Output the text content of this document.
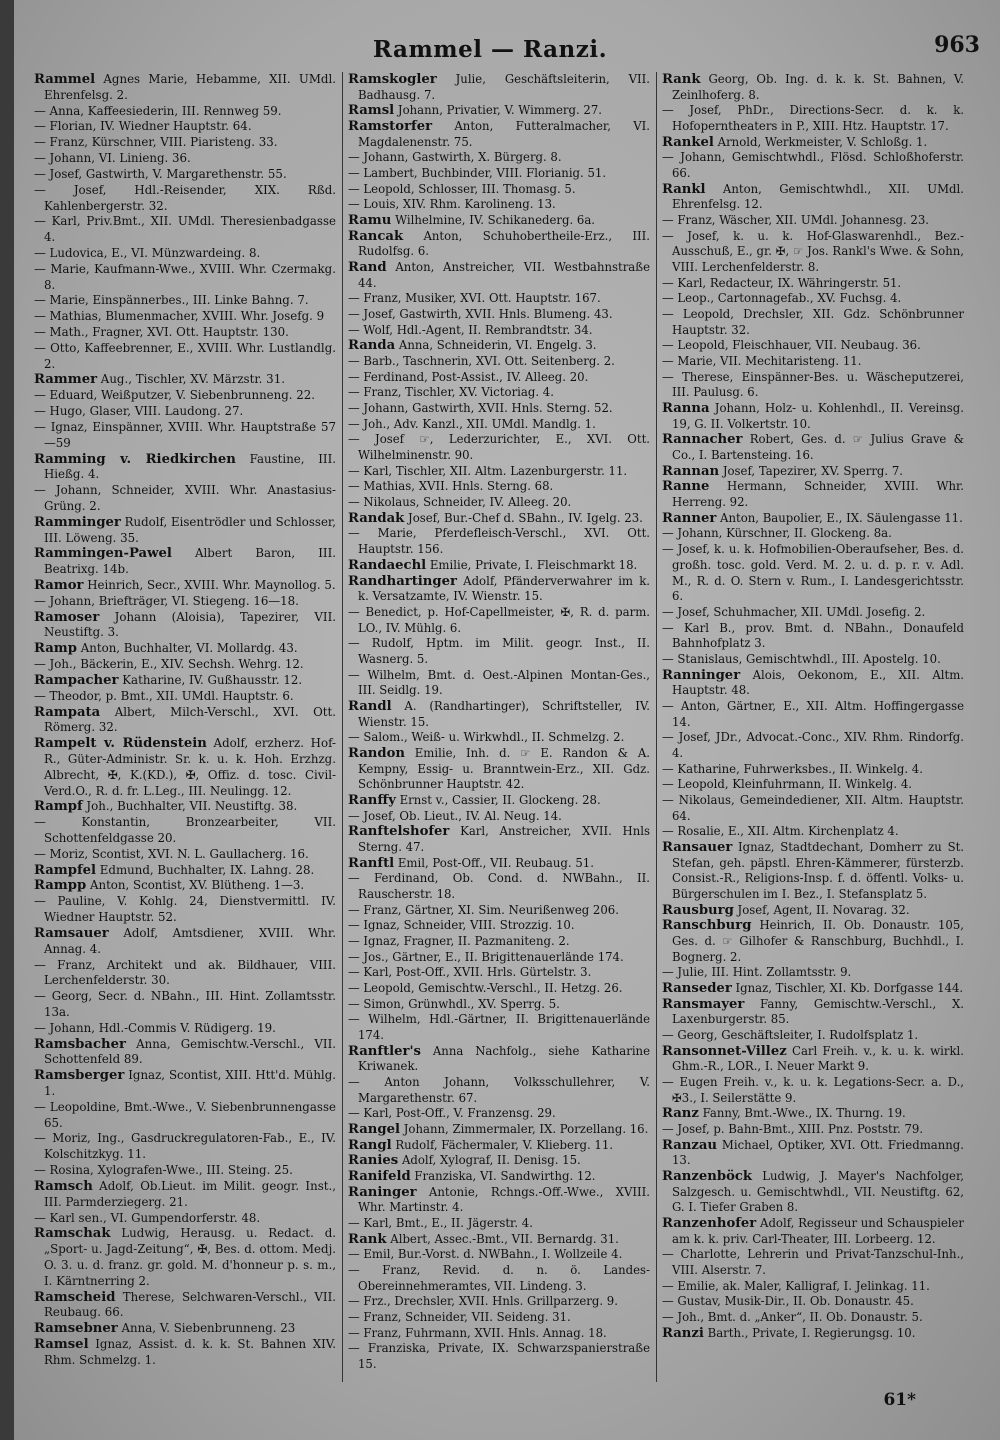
Rammel — Ranzi.	963
Rammel Agnes Marie, Hebamme, XII. UMdl. Ehrenfelsg. 2.
— Anna, Kaffeesiederin, III. Rennweg 59.
— Florian, IV. Wiedner Hauptstr. 64.
— Franz, Kürschner, VIII. Piaristeng. 33.
— Johann, VI. Linieng. 36.
— Josef, Gastwirth, V. Margarethenstr. 55.
— Josef, Hdl.-Reisender, XIX. Rßd. Kahlenbergerstr. 32.
— Karl, Priv.Bmt., XII. UMdl. Theresienbadgasse 4.
— Ludovica, E., VI. Münzwardeing. 8.
— Marie, Kaufmann-Wwe., XVIII. Whr. Czermakg. 8.
— Marie, Einspännerbes., III. Linke Bahng. 7.
— Mathias, Blumenmacher, XVIII. Whr. Josefg. 9
— Math., Fragner, XVI. Ott. Hauptstr. 130.
— Otto, Kaffeebrenner, E., XVIII. Whr. Lustlandlg. 2.
Rammer Aug., Tischler, XV. Märzstr. 31.
— Eduard, Weißputzer, V. Siebenbrunneng. 22.
— Hugo, Glaser, VIII. Laudong. 27.
— Ignaz, Einspänner, XVIII. Whr. Hauptstraße 57—59
Ramming v. Riedkirchen Faustine, III. Hießg. 4.
— Johann, Schneider, XVIII. Whr. Anastasius-Grüng. 2.
Ramminger Rudolf, Eisentrödler und Schlosser, III. Löweng. 35.
Rammingen-Pawel Albert Baron, III. Beatrixg. 14b.
Ramor Heinrich, Secr., XVIII. Whr. Maynollog. 5.
— Johann, Briefträger, VI. Stiegeng. 16—18.
Ramoser Johann (Aloisia), Tapezirer, VII. Neustiftg. 3.
Ramp Anton, Buchhalter, VI. Mollardg. 43.
— Joh., Bäckerin, E., XIV. Sechsh. Wehrg. 12.
Rampacher Katharine, IV. Gußhausstr. 12.
— Theodor, p. Bmt., XII. UMdl. Hauptstr. 6.
Rampata Albert, Milch-Verschl., XVI. Ott. Römerg. 32.
Rampelt v. Rüdenstein Adolf, erzherz. Hof-R., Güter-Administr. Sr. k. u. k. Hoh. Erzhzg. Albrecht, ✠, K.(KD.), ✠, Offiz. d. tosc. Civil-Verd.O., R. d. fr. L.Leg., III. Neulingg. 12.
Rampf Joh., Buchhalter, VII. Neustiftg. 38.
— Konstantin, Bronzearbeiter, VII. Schottenfeldgasse 20.
— Moriz, Scontist, XVI. N. L. Gaullacherg. 16.
Rampfel Edmund, Buchhalter, IX. Lahng. 28.
Rampp Anton, Scontist, XV. Blütheng. 1—3.
— Pauline, V. Kohlg. 24, Dienstvermittl. IV. Wiedner Hauptstr. 52.
Ramsauer Adolf, Amtsdiener, XVIII. Whr. Annag. 4.
— Franz, Architekt und ak. Bildhauer, VIII. Lerchenfelderstr. 30.
— Georg, Secr. d. NBahn., III. Hint. Zollamtsstr. 13a.
— Johann, Hdl.-Commis V. Rüdigerg. 19.
Ramsbacher Anna, Gemischtw.-Verschl., VII. Schottenfeld 89.
Ramsberger Ignaz, Scontist, XIII. Htt'd. Mühlg. 1.
— Leopoldine, Bmt.-Wwe., V. Siebenbrunnengasse 65.
— Moriz, Ing., Gasdruckregulatoren-Fab., E., IV. Kolschitzkyg. 11.
— Rosina, Xylografen-Wwe., III. Steing. 25.
Ramsch Adolf, Ob.Lieut. im Milit. geogr. Inst., III. Parmderziegerg. 21.
— Karl sen., VI. Gumpendorferstr. 48.
Ramschak Ludwig, Herausg. u. Redact. d. „Sport- u. Jagd-Zeitung“, ✠, Bes. d. ottom. Medj. O. 3. u. d. franz. gr. gold. M. d'honneur p. s. m., I. Kärntnerring 2.
Ramscheid Therese, Selchwaren-Verschl., VII. Reubaug. 66.
Ramsebner Anna, V. Siebenbrunneng. 23
Ramsel Ignaz, Assist. d. k. k. St. Bahnen XIV. Rhm. Schmelzg. 1.
Ramskogler Julie, Geschäftsleiterin, VII. Badhausg. 7.
Ramsl Johann, Privatier, V. Wimmerg. 27.
Ramstorfer Anton, Futteralmacher, VI. Magdalenenstr. 75.
— Johann, Gastwirth, X. Bürgerg. 8.
— Lambert, Buchbinder, VIII. Florianig. 51.
— Leopold, Schlosser, III. Thomasg. 5.
— Louis, XIV. Rhm. Karolineng. 13.
Ramu Wilhelmine, IV. Schikanederg. 6a.
Rancak Anton, Schuhobertheile-Erz., III. Rudolfsg. 6.
Rand Anton, Anstreicher, VII. Westbahnstraße 44.
— Franz, Musiker, XVI. Ott. Hauptstr. 167.
— Josef, Gastwirth, XVII. Hnls. Blumeng. 43.
— Wolf, Hdl.-Agent, II. Rembrandtstr. 34.
Randa Anna, Schneiderin, VI. Engelg. 3.
— Barb., Taschnerin, XVI. Ott. Seitenberg. 2.
— Ferdinand, Post-Assist., IV. Alleeg. 20.
— Franz, Tischler, XV. Victoriag. 4.
— Johann, Gastwirth, XVII. Hnls. Sterng. 52.
— Joh., Adv. Kanzl., XII. UMdl. Mandlg. 1.
— Josef ☞, Lederzurichter, E., XVI. Ott. Wilhelminenstr. 90.
— Karl, Tischler, XII. Altm. Lazenburgerstr. 11.
— Mathias, XVII. Hnls. Sterng. 68.
— Nikolaus, Schneider, IV. Alleeg. 20.
Randak Josef, Bur.-Chef d. SBahn., IV. Igelg. 23.
— Marie, Pferdefleisch-Verschl., XVI. Ott. Hauptstr. 156.
Randaechl Emilie, Private, I. Fleischmarkt 18.
Randhartinger Adolf, Pfänderverwahrer im k. k. Versatzamte, IV. Wienstr. 15.
— Benedict, p. Hof-Capellmeister, ✠, R. d. parm. LO., IV. Mühlg. 6.
— Rudolf, Hptm. im Milit. geogr. Inst., II. Wasnerg. 5.
— Wilhelm, Bmt. d. Oest.-Alpinen Montan-Ges., III. Seidlg. 19.
Randl A. (Randhartinger), Schriftsteller, IV. Wienstr. 15.
— Salom., Weiß- u. Wirkwhdl., II. Schmelzg. 2.
Randon Emilie, Inh. d. ☞ E. Randon & A. Kempny, Essig- u. Branntwein-Erz., XII. Gdz. Schönbrunner Hauptstr. 42.
Ranffy Ernst v., Cassier, II. Glockeng. 28.
— Josef, Ob. Lieut., IV. Al. Neug. 14.
Ranftelshofer Karl, Anstreicher, XVII. Hnls Sterng. 47.
Ranftl Emil, Post-Off., VII. Reubaug. 51.
— Ferdinand, Ob. Cond. d. NWBahn., II. Rauscherstr. 18.
— Franz, Gärtner, XI. Sim. Neurißenweg 206.
— Ignaz, Schneider, VIII. Strozzig. 10.
— Ignaz, Fragner, II. Pazmaniteng. 2.
— Jos., Gärtner, E., II. Brigittenauerlände 174.
— Karl, Post-Off., XVII. Hrls. Gürtelstr. 3.
— Leopold, Gemischtw.-Verschl., II. Hetzg. 26.
— Simon, Grünwhdl., XV. Sperrg. 5.
— Wilhelm, Hdl.-Gärtner, II. Brigittenauerlände 174.
Ranftler's Anna Nachfolg., siehe Katharine Kriwanek.
— Anton Johann, Volksschullehrer, V. Margarethenstr. 67.
— Karl, Post-Off., V. Franzensg. 29.
Rangel Johann, Zimmermaler, IX. Porzellang. 16.
Rangl Rudolf, Fächermaler, V. Klieberg. 11.
Ranies Adolf, Xylograf, II. Denisg. 15.
Ranifeld Franziska, VI. Sandwirthg. 12.
Raninger Antonie, Rchngs.-Off.-Wwe., XVIII. Whr. Martinstr. 4.
— Karl, Bmt., E., II. Jägerstr. 4.
Rank Albert, Assec.-Bmt., VII. Bernardg. 31.
— Emil, Bur.-Vorst. d. NWBahn., I. Wollzeile 4.
— Franz, Revid. d. n. ö. Landes-Obereinnehmeramtes, VII. Lindeng. 3.
— Frz., Drechsler, XVII. Hnls. Grillparzerg. 9.
— Franz, Schneider, VII. Seideng. 31.
— Franz, Fuhrmann, XVII. Hnls. Annag. 18.
— Franziska, Private, IX. Schwarzspanierstraße 15.
Rank Georg, Ob. Ing. d. k. k. St. Bahnen, V. Zeinlhoferg. 8.
— Josef, PhDr., Directions-Secr. d. k. k. Hofoperntheaters in P., XIII. Htz. Hauptstr. 17.
Rankel Arnold, Werkmeister, V. Schloßg. 1.
— Johann, Gemischtwhdl., Flösd. Schloßhoferstr. 66.
Rankl Anton, Gemischtwhdl., XII. UMdl. Ehrenfelsg. 12.
— Franz, Wäscher, XII. UMdl. Johannesg. 23.
— Josef, k. u. k. Hof-Glaswarenhdl., Bez.-Ausschuß, E., gr. ✠, ☞ Jos. Rankl's Wwe. & Sohn, VIII. Lerchenfelderstr. 8.
— Karl, Redacteur, IX. Währingerstr. 51.
— Leop., Cartonnagefab., XV. Fuchsg. 4.
— Leopold, Drechsler, XII. Gdz. Schönbrunner Hauptstr. 32.
— Leopold, Fleischhauer, VII. Neubaug. 36.
— Marie, VII. Mechitaristeng. 11.
— Therese, Einspänner-Bes. u. Wäscheputzerei, III. Paulusg. 6.
Ranna Johann, Holz- u. Kohlenhdl., II. Vereinsg. 19, G. II. Volkertstr. 10.
Rannacher Robert, Ges. d. ☞ Julius Grave & Co., I. Bartensteing. 16.
Rannan Josef, Tapezirer, XV. Sperrg. 7.
Ranne Hermann, Schneider, XVIII. Whr. Herreng. 92.
Ranner Anton, Baupolier, E., IX. Säulengasse 11.
— Johann, Kürschner, II. Glockeng. 8a.
— Josef, k. u. k. Hofmobilien-Oberaufseher, Bes. d. großh. tosc. gold. Verd. M. 2. u. d. p. r. v. Adl. M., R. d. O. Stern v. Rum., I. Landesgerichtsstr. 6.
— Josef, Schuhmacher, XII. UMdl. Josefig. 2.
— Karl B., prov. Bmt. d. NBahn., Donaufeld Bahnhofplatz 3.
— Stanislaus, Gemischtwhdl., III. Apostelg. 10.
Ranninger Alois, Oekonom, E., XII. Altm. Hauptstr. 48.
— Anton, Gärtner, E., XII. Altm. Hoffingergasse 14.
— Josef, JDr., Advocat.-Conc., XIV. Rhm. Rindorfg. 4.
— Katharine, Fuhrwerksbes., II. Winkelg. 4.
— Leopold, Kleinfuhrmann, II. Winkelg. 4.
— Nikolaus, Gemeindediener, XII. Altm. Hauptstr. 64.
— Rosalie, E., XII. Altm. Kirchenplatz 4.
Ransauer Ignaz, Stadtdechant, Domherr zu St. Stefan, geh. päpstl. Ehren-Kämmerer, fürsterzb. Consist.-R., Religions-Insp. f. d. öffentl. Volks- u. Bürgerschulen im I. Bez., I. Stefansplatz 5.
Rausburg Josef, Agent, II. Novarag. 32.
Ranschburg Heinrich, II. Ob. Donaustr. 105, Ges. d. ☞ Gilhofer & Ranschburg, Buchhdl., I. Bognerg. 2.
— Julie, III. Hint. Zollamtsstr. 9.
Ranseder Ignaz, Tischler, XI. Kb. Dorfgasse 144.
Ransmayer Fanny, Gemischtw.-Verschl., X. Laxenburgerstr. 85.
— Georg, Geschäftsleiter, I. Rudolfsplatz 1.
Ransonnet-Villez Carl Freih. v., k. u. k. wirkl. Ghm.-R., LOR., I. Neuer Markt 9.
— Eugen Freih. v., k. u. k. Legations-Secr. a. D., ✠3., I. Seilerstätte 9.
Ranz Fanny, Bmt.-Wwe., IX. Thurng. 19.
— Josef, p. Bahn-Bmt., XIII. Pnz. Poststr. 79.
Ranzau Michael, Optiker, XVI. Ott. Friedmanng. 13.
Ranzenböck Ludwig, J. Mayer's Nachfolger, Salzgesch. u. Gemischtwhdl., VII. Neustiftg. 62, G. I. Tiefer Graben 8.
Ranzenhofer Adolf, Regisseur und Schauspieler am k. k. priv. Carl-Theater, III. Lorbeerg. 12.
— Charlotte, Lehrerin und Privat-Tanzschul-Inh., VIII. Alserstr. 7.
— Emilie, ak. Maler, Kalligraf, I. Jelinkag. 11.
— Gustav, Musik-Dir., II. Ob. Donaustr. 45.
— Joh., Bmt. d. „Anker“, II. Ob. Donaustr. 5.
Ranzi Barth., Private, I. Regierungsg. 10.
61*
